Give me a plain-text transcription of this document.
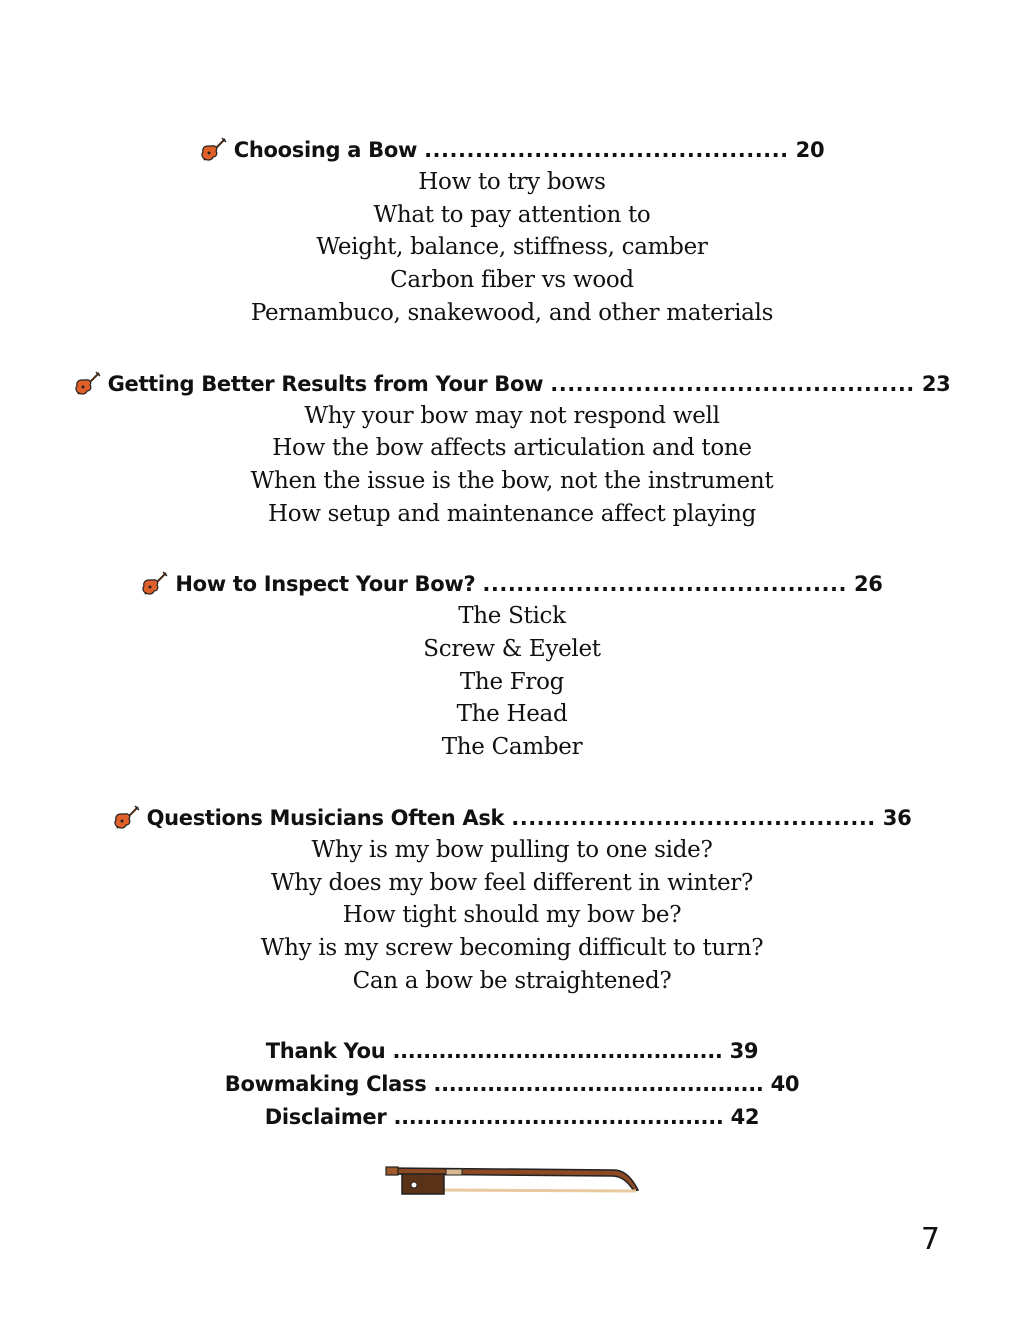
Choosing a Bow ........................................... 20
How to try bows
What to pay attention to
Weight, balance, stiffness, camber
Carbon fiber vs wood
Pernambuco, snakewood, and other materials
Getting Better Results from Your Bow ........................................... 23
Why your bow may not respond well
How the bow affects articulation and tone
When the issue is the bow, not the instrument
How setup and maintenance affect playing
How to Inspect Your Bow? ........................................... 26
The Stick
Screw & Eyelet
The Frog
The Head
The Camber
Questions Musicians Often Ask ........................................... 36
Why is my bow pulling to one side?
Why does my bow feel different in winter?
How tight should my bow be?
Why is my screw becoming difficult to turn?
Can a bow be straightened?
Thank You ........................................... 39
Bowmaking Class ........................................... 40
Disclaimer ........................................... 42
7
